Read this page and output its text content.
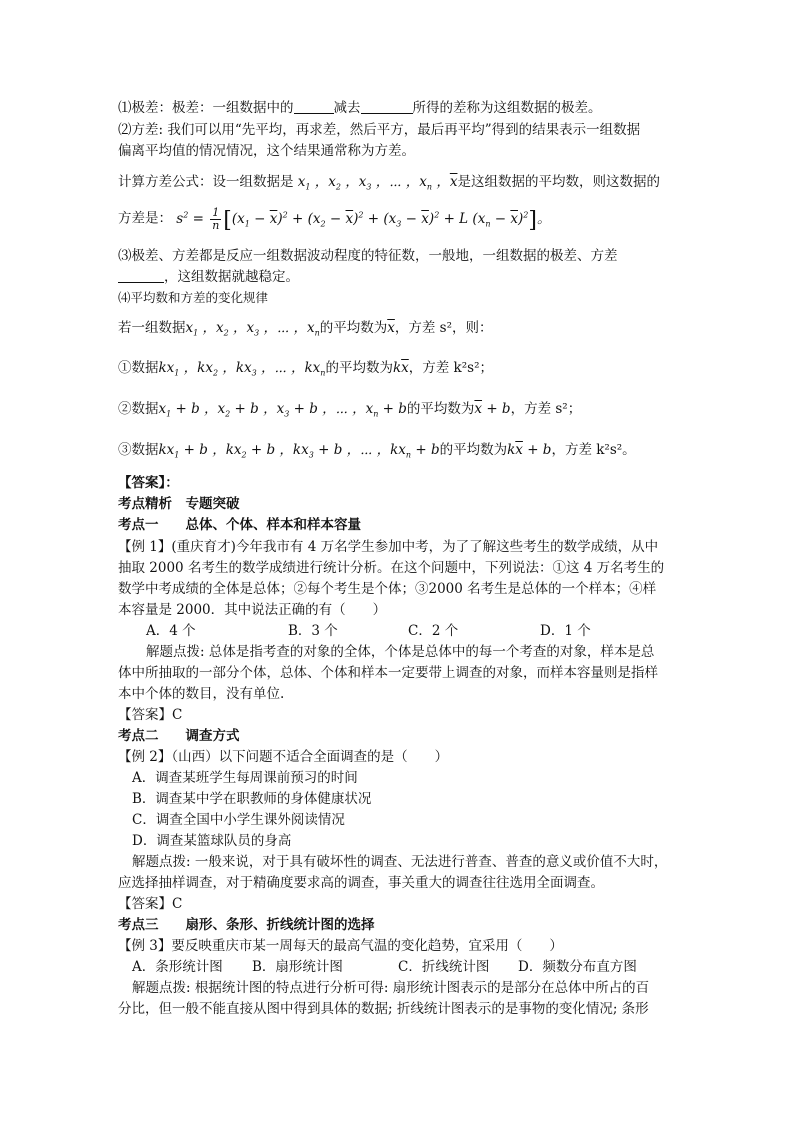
⑴极差：极差：一组数据中的	减去	所得的差称为这组数据的极差。
⑵方差: 我们可以用“先平均，再求差，然后平方，最后再平均”得到的结果表示一组数据
偏离平均值的情况情况，这个结果通常称为方差。
计算方差公式：设一组数据是 $x_1$ ，$x_2$ ，$x_3$ ，⋯ ，$x_n$ ，$\overline{x}$是这组数据的平均数，则这数据的
方差是： $s^2 = \frac{1}{n} [(x_1 - \overline{x})^2 + (x_2 - \overline{x})^2 + (x_3 - \overline{x})^2 + L$ $(x_n - \overline{x})^2$]。
⑶极差、方差都是反应一组数据波动程度的特征数，一般地，一组数据的极差、方差
，这组数据就越稳定。
⑷平均数和方差的变化规律
若一组数据$x_1$ ，$x_2$ ，$x_3$ ，⋯ ，$x_n$的平均数为$\overline{x}$，方差 s²，则：
①数据$kx_1$ ，$kx_2$ ，$kx_3$ ，⋯ ，$kx_n$的平均数为$k\overline{x}$，方差 k²s²；
②数据$x_1 + b$ ，$x_2 + b$ ，$x_3 + b$ ，⋯ ，$x_n + b$的平均数为$\overline{x} + b$，方差 s²；
③数据$kx_1 + b$ ，$kx_2 + b$ ，$kx_3 + b$ ，⋯ ，$kx_n + b$的平均数为$k\overline{x} + b$，方差 k²s²。
【答案】：
考点精析　专题突破
考点一　　总体、个体、样本和样本容量
【例 1】(重庆育才)今年我市有 4 万名学生参加中考，为了了解这些考生的数学成绩，从中
抽取 2000 名考生的数学成绩进行统计分析。在这个问题中，下列说法：①这 4 万名考生的
数学中考成绩的全体是总体；②每个考生是个体；③2000 名考生是总体的一个样本；④样
本容量是 2000．其中说法正确的有（　　）
A．4 个	B．3 个	C．2 个	D．1 个
解题点拨: 总体是指考查的对象的全体，个体是总体中的每一个考查的对象，样本是总
体中所抽取的一部分个体，总体、个体和样本一定要带上调查的对象，而样本容量则是指样
本中个体的数目，没有单位.
【答案】C
考点二　　调查方式
【例 2】（山西）以下问题不适合全面调查的是（　　）
A．调查某班学生每周课前预习的时间
B．调查某中学在职教师的身体健康状况
C．调查全国中小学生课外阅读情况
D．调查某篮球队员的身高
解题点拨: 一般来说，对于具有破坏性的调查、无法进行普查、普查的意义或价值不大时，
应选择抽样调查，对于精确度要求高的调查，事关重大的调查往往选用全面调查。
【答案】C
考点三　　扇形、条形、折线统计图的选择
【例 3】要反映重庆市某一周每天的最高气温的变化趋势，宜采用（　　）
A．条形统计图 B．扇形统计图	C．折线统计图 D．频数分布直方图
解题点拨: 根据统计图的特点进行分析可得: 扇形统计图表示的是部分在总体中所占的百
分比，但一般不能直接从图中得到具体的数据; 折线统计图表示的是事物的变化情况; 条形
